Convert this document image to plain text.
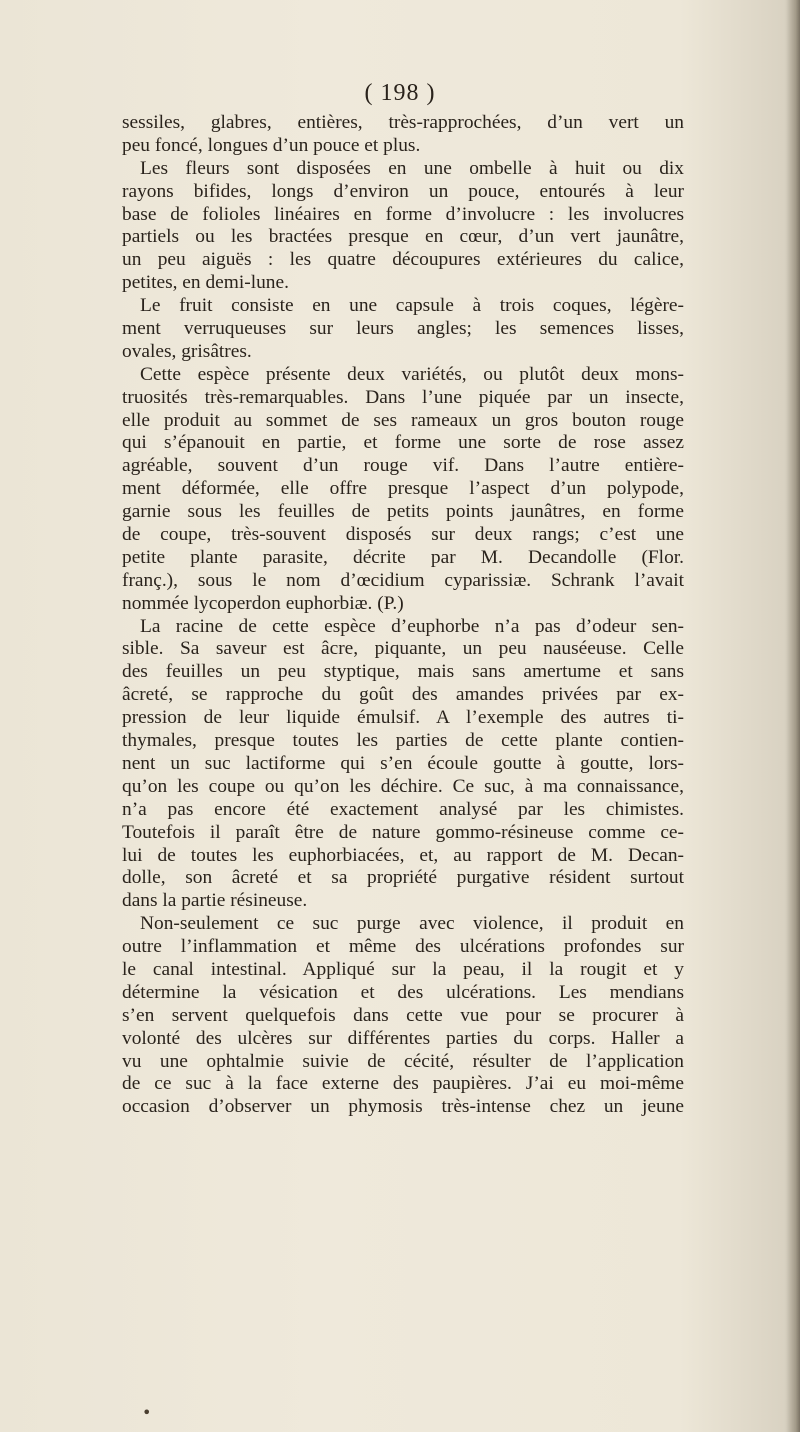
( 198 )
sessiles, glabres, entières, très-rapprochées, d’un vert un
peu foncé, longues d’un pouce et plus.
Les fleurs sont disposées en une ombelle à huit ou dix
rayons bifides, longs d’environ un pouce, entourés à leur
base de folioles linéaires en forme d’involucre : les involucres
partiels ou les bractées presque en cœur, d’un vert jaunâtre,
un peu aiguës : les quatre découpures extérieures du calice,
petites, en demi-lune.
Le fruit consiste en une capsule à trois coques, légère-
ment verruqueuses sur leurs angles; les semences lisses,
ovales, grisâtres.
Cette espèce présente deux variétés, ou plutôt deux mons-
truosités très-remarquables. Dans l’une piquée par un insecte,
elle produit au sommet de ses rameaux un gros bouton rouge
qui s’épanouit en partie, et forme une sorte de rose assez
agréable, souvent d’un rouge vif. Dans l’autre entière-
ment déformée, elle offre presque l’aspect d’un polypode,
garnie sous les feuilles de petits points jaunâtres, en forme
de coupe, très-souvent disposés sur deux rangs; c’est une
petite plante parasite, décrite par M. Decandolle (Flor.
franç.), sous le nom d’œcidium cyparissiæ. Schrank l’avait
nommée lycoperdon euphorbiæ. (P.)
La racine de cette espèce d’euphorbe n’a pas d’odeur sen-
sible. Sa saveur est âcre, piquante, un peu nauséeuse. Celle
des feuilles un peu styptique, mais sans amertume et sans
âcreté, se rapproche du goût des amandes privées par ex-
pression de leur liquide émulsif. A l’exemple des autres ti-
thymales, presque toutes les parties de cette plante contien-
nent un suc lactiforme qui s’en écoule goutte à goutte, lors-
qu’on les coupe ou qu’on les déchire. Ce suc, à ma connaissance,
n’a pas encore été exactement analysé par les chimistes.
Toutefois il paraît être de nature gommo-résineuse comme ce-
lui de toutes les euphorbiacées, et, au rapport de M. Decan-
dolle, son âcreté et sa propriété purgative résident surtout
dans la partie résineuse.
Non-seulement ce suc purge avec violence, il produit en
outre l’inflammation et même des ulcérations profondes sur
le canal intestinal. Appliqué sur la peau, il la rougit et y
détermine la vésication et des ulcérations. Les mendians
s’en servent quelquefois dans cette vue pour se procurer à
volonté des ulcères sur différentes parties du corps. Haller a
vu une ophtalmie suivie de cécité, résulter de l’application
de ce suc à la face externe des paupières. J’ai eu moi-même
occasion d’observer un phymosis très-intense chez un jeune
•
